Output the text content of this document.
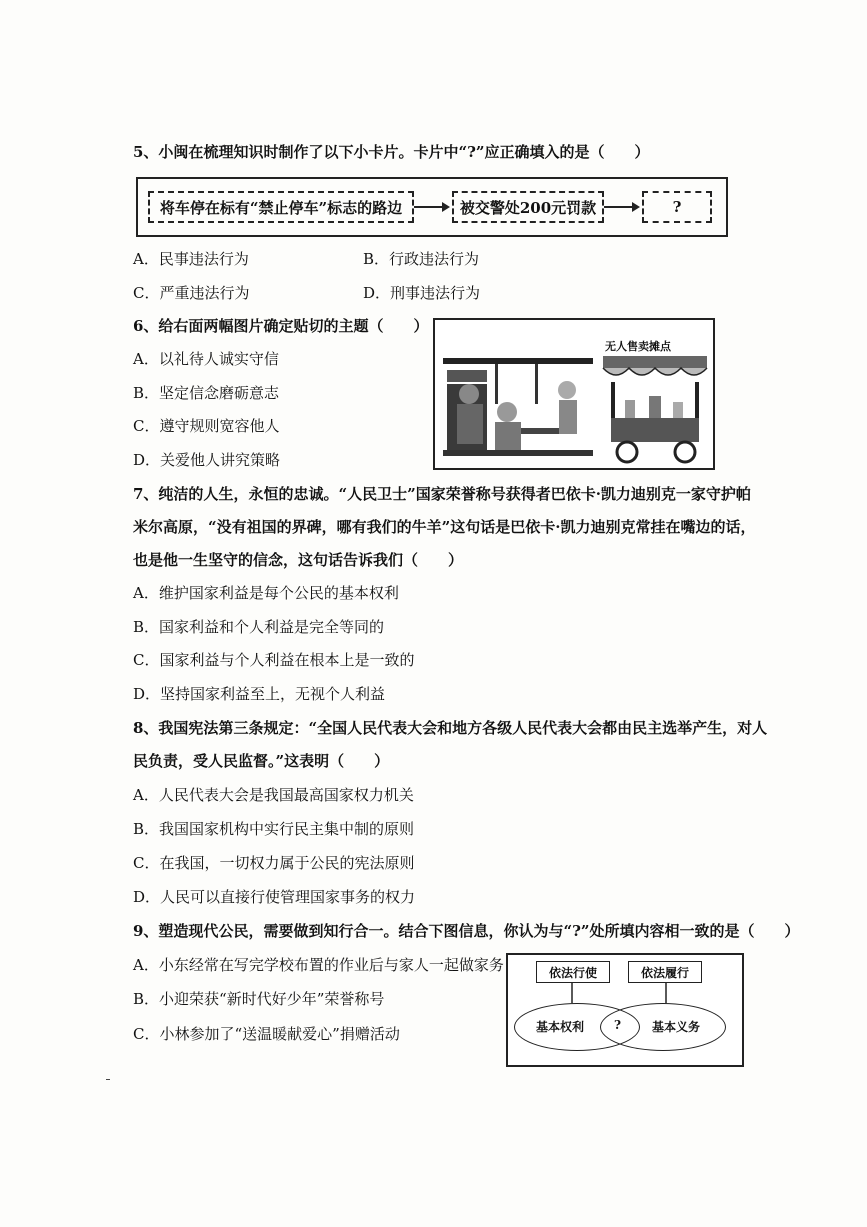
5、小闽在梳理知识时制作了以下小卡片。卡片中“?”应正确填入的是（　　）
将车停在标有“禁止停车”标志的路边	被交警处200元罚款	?
A．民事违法行为	B．行政违法行为
C．严重违法行为	D．刑事违法行为
6、给右面两幅图片确定贴切的主题（　　）
A．以礼待人诚实守信
B．坚定信念磨砺意志
C．遵守规则宽容他人
D．关爱他人讲究策略
无人售卖摊点
7、纯洁的人生，永恒的忠诚。“人民卫士”国家荣誉称号获得者巴依卡·凯力迪别克一家守护帕
米尔高原，“没有祖国的界碑，哪有我们的牛羊”这句话是巴依卡·凯力迪别克常挂在嘴边的话，
也是他一生坚守的信念，这句话告诉我们（　　）
A．维护国家利益是每个公民的基本权利
B．国家利益和个人利益是完全等同的
C．国家利益与个人利益在根本上是一致的
D．坚持国家利益至上，无视个人利益
8、我国宪法第三条规定：“全国人民代表大会和地方各级人民代表大会都由民主选举产生，对人
民负责，受人民监督。”这表明（　　）
A．人民代表大会是我国最高国家权力机关
B．我国国家机构中实行民主集中制的原则
C．在我国，一切权力属于公民的宪法原则
D．人民可以直接行使管理国家事务的权力
9、塑造现代公民，需要做到知行合一。结合下图信息，你认为与“?”处所填内容相一致的是（　　）
A．小东经常在写完学校布置的作业后与家人一起做家务
B．小迎荣获“新时代好少年”荣誉称号
C．小林参加了“送温暖献爱心”捐赠活动
依法行使	依法履行
基本权利 ?	基本义务
